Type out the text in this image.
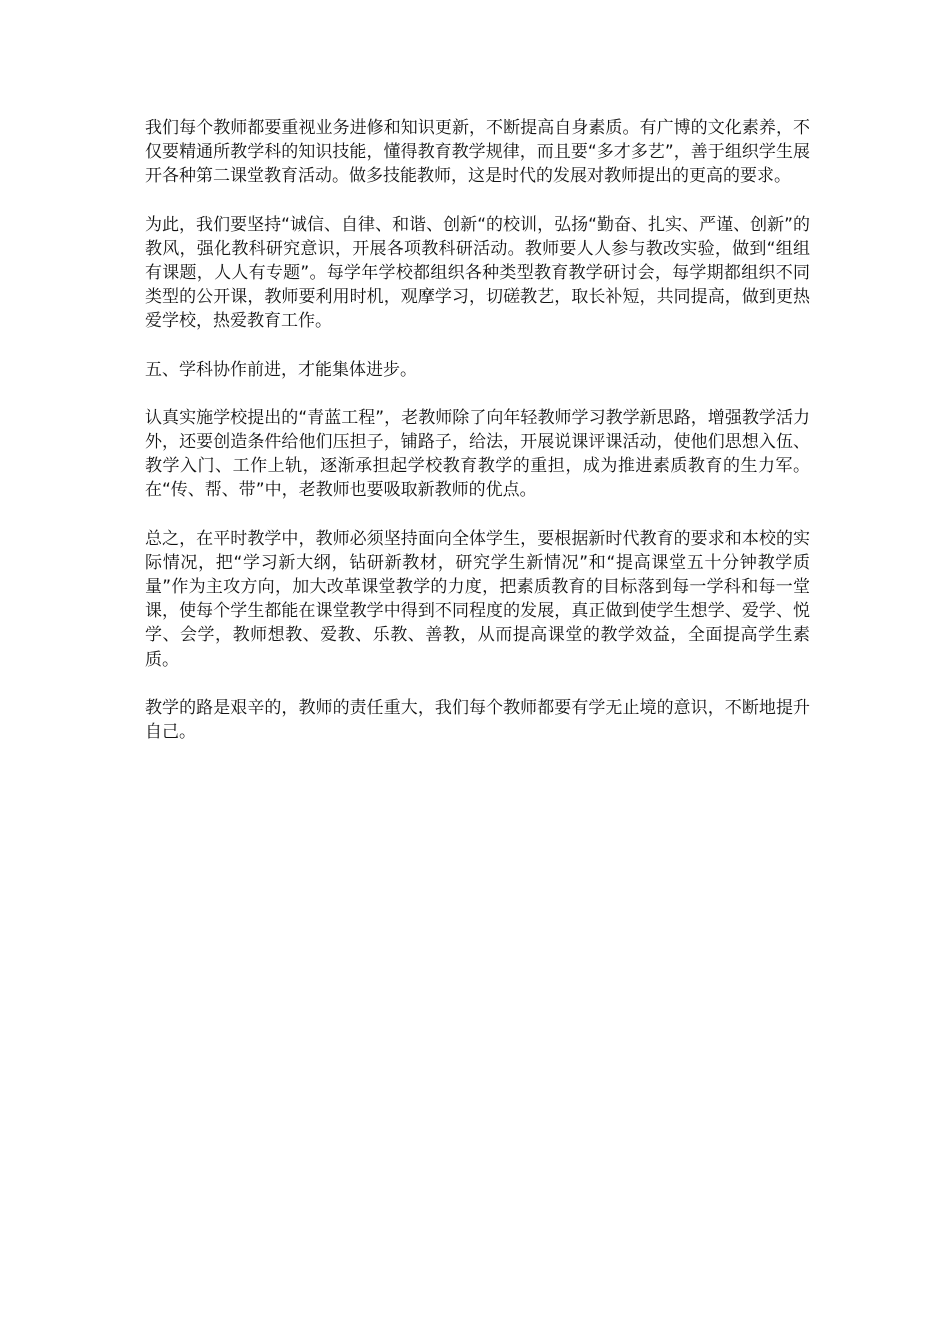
我们每个教师都要重视业务进修和知识更新，不断提高自身素质。有广博的文化素养，不仅要精通所教学科的知识技能，懂得教育教学规律，而且要“多才多艺”，善于组织学生展开各种第二课堂教育活动。做多技能教师，这是时代的发展对教师提出的更高的要求。

为此，我们要坚持“诚信、自律、和谐、创新“的校训，弘扬“勤奋、扎实、严谨、创新”的教风，强化教科研究意识，开展各项教科研活动。教师要人人参与教改实验，做到“组组有课题，人人有专题”。每学年学校都组织各种类型教育教学研讨会，每学期都组织不同类型的公开课，教师要利用时机，观摩学习，切磋教艺，取长补短，共同提高，做到更热爱学校，热爱教育工作。

五、学科协作前进，才能集体进步。

认真实施学校提出的“青蓝工程”，老教师除了向年轻教师学习教学新思路，增强教学活力外，还要创造条件给他们压担子，铺路子，给法，开展说课评课活动，使他们思想入伍、教学入门、工作上轨，逐渐承担起学校教育教学的重担，成为推进素质教育的生力军。在“传、帮、带”中，老教师也要吸取新教师的优点。

总之，在平时教学中，教师必须坚持面向全体学生，要根据新时代教育的要求和本校的实际情况，把“学习新大纲，钻研新教材，研究学生新情况”和“提高课堂五十分钟教学质量”作为主攻方向，加大改革课堂教学的力度，把素质教育的目标落到每一学科和每一堂课，使每个学生都能在课堂教学中得到不同程度的发展，真正做到使学生想学、爱学、悦学、会学，教师想教、爱教、乐教、善教，从而提高课堂的教学效益，全面提高学生素质。

教学的路是艰辛的，教师的责任重大，我们每个教师都要有学无止境的意识，不断地提升自己。
